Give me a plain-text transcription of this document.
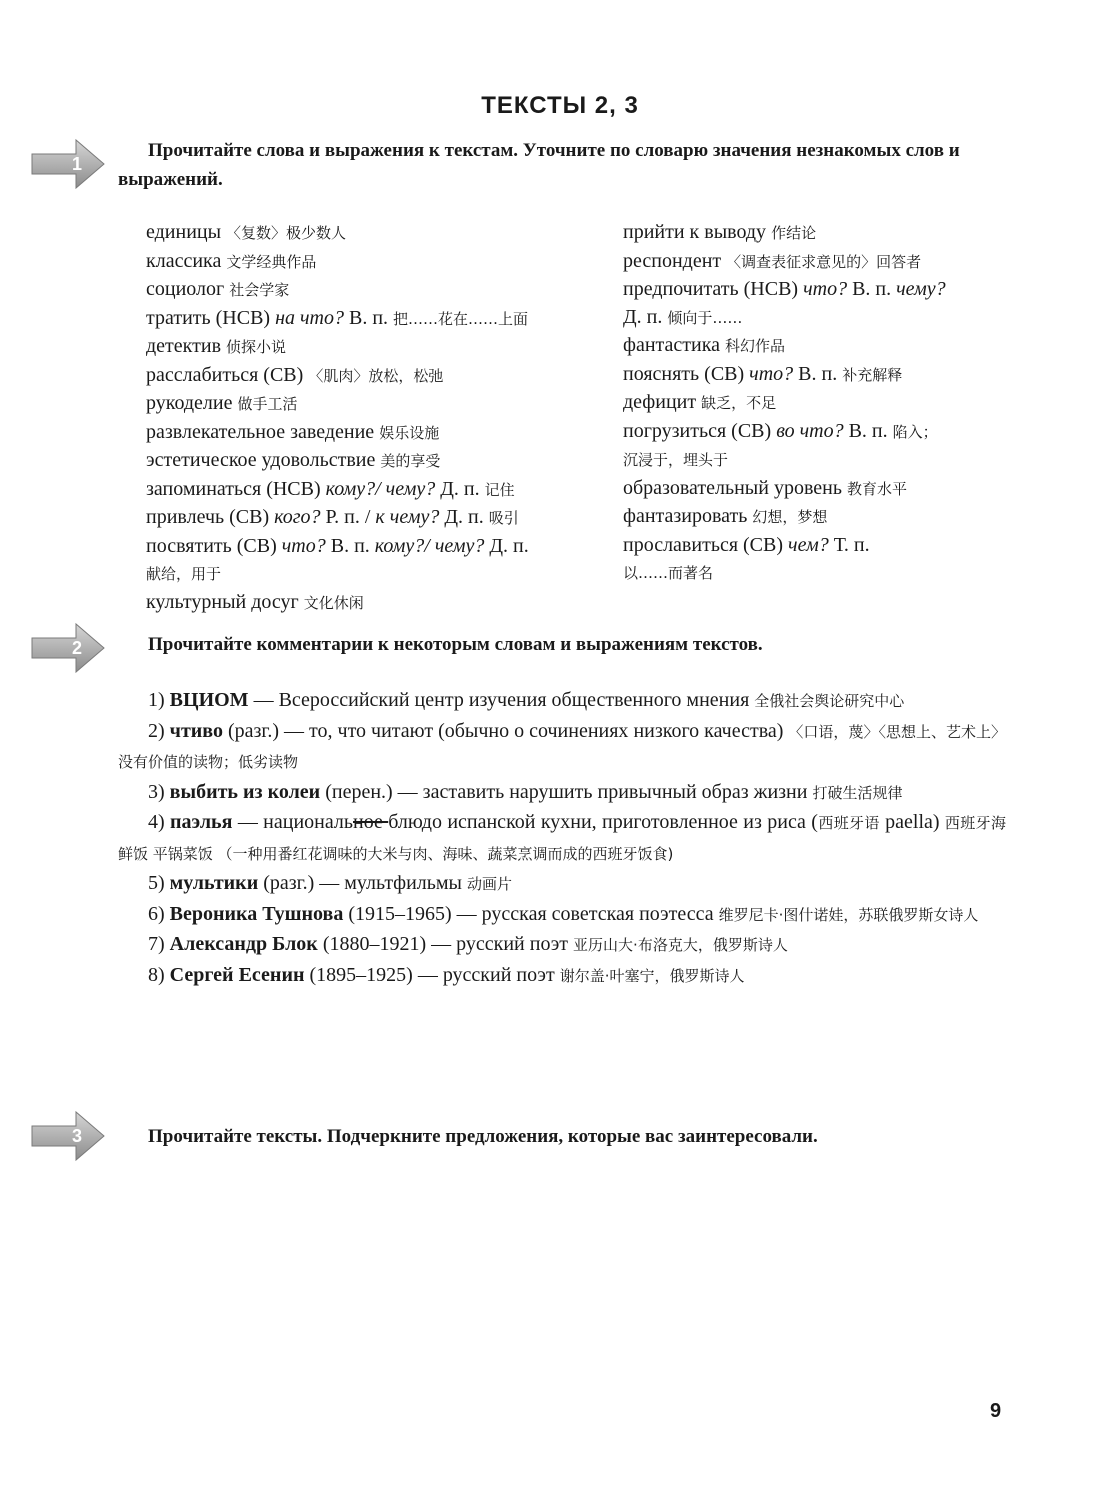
ТЕКСТЫ 2, 3
1
Прочитайте слова и выражения к текстам. Уточните по словарю значения незнакомых слов и выражений.
единицы 〈复数〉极少数人
классика 文学经典作品
социолог 社会学家
тратить (НСВ) на что? В. п. 把……花在……上面
детектив 侦探小说
расслабиться (СВ) 〈肌肉〉放松，松弛
рукоделие 做手工活
развлекательное заведение 娱乐设施
эстетическое удовольствие 美的享受
запоминаться (НСВ) кому?/ чему? Д. п. 记住
привлечь (СВ) кого? Р. п. / к чему? Д. п. 吸引
посвятить (СВ) что? В. п. кому?/ чему? Д. п.
献给，用于
культурный досуг 文化休闲
прийти к выводу 作结论
респондент 〈调查表征求意见的〉回答者
предпочитать (НСВ) что? В. п. чему?
Д. п. 倾向于……
фантастика 科幻作品
пояснять (СВ) что? В. п. 补充解释
дефицит 缺乏，不足
погрузиться (СВ) во что? В. п. 陷入；
沉浸于，埋头于
образовательный уровень 教育水平
фантазировать 幻想，梦想
прославиться (СВ) чем? Т. п.
以……而著名
2	Прочитайте комментарии к некоторым словам и выражениям текстов.
1) ВЦИОМ — Всероссийский центр изучения общественного мнения 全俄社会舆论研究中心
2) чтиво (разг.) — то, что читают (обычно о сочинениях низкого качества) 〈口语，蔑〉〈思想上、艺术上〉没有价值的读物；低劣读物
3) выбить из колеи (перен.) — заставить нарушить привычный образ жизни 打破生活规律
4) паэлья — национальное блюдо испанской кухни, приготовленное из риса (西班牙语 paella) 西班牙海鲜饭 平锅菜饭 （一种用番红花调味的大米与肉、海味、蔬菜烹调而成的西班牙饭食)
5) мультики (разг.) — мультфильмы 动画片
6) Вероника Тушнова (1915–1965) — русская советская поэтесса 维罗尼卡·图什诺娃，苏联俄罗斯女诗人
7) Александр Блок (1880–1921) — русский поэт 亚历山大·布洛克大，俄罗斯诗人
8) Сергей Есенин (1895–1925) — русский поэт 谢尔盖·叶塞宁，俄罗斯诗人
3	Прочитайте тексты. Подчеркните предложения, которые вас заинтересовали.
9
